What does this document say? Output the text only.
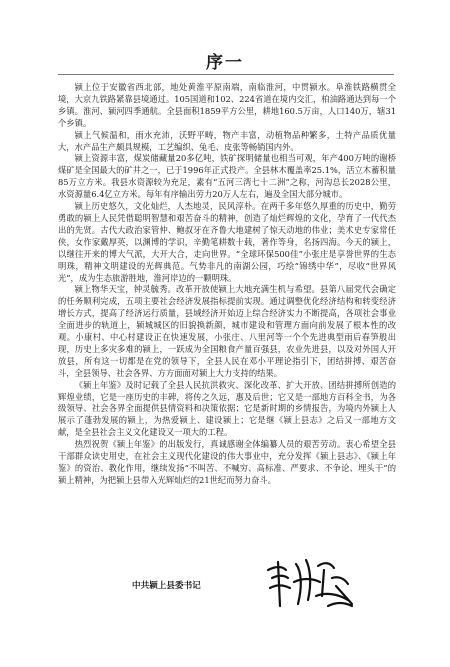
序一

颍上位于安徽省西北部，地处黄淮平原南端，南临淮河，中贯颍水。阜淮铁路横贯全境，大京九铁路紧靠县境通过。105国道和102、224省道在境内交汇，柏油路通达到每一个乡镇。淮河、颍河四季通航。全县面积1859平方公里，耕地160.5万亩，人口140万，辖31个乡镇。

颍上气候温和，雨水充沛，沃野平畴，物产丰富，动植物品种繁多，土特产品质优量大，水产品生产颇具规模，工艺编织、兔毛、皮张等畅销国内外。

颍上资源丰富，煤炭储藏量20多亿吨，铁矿探明储量也相当可观，年产400万吨的谢桥煤矿是全国最大的矿井之一，已于1996年正式投产。全县林木覆盖率25.1%，活立木蓄积量85万立方米。我县水资源较为充足，素有“五河三湾七十二洲”之称，河沟总长2028公里，水资源量6.4亿立方米。每年有序输出劳力20万人左右，遍及全国大部分城市。

颍上历史悠久，文化灿烂，人杰地灵，民风淳朴。在两千多年悠久厚重的历史中，勤劳勇敢的颍上人民凭借聪明智慧和艰苦奋斗的精神，创造了灿烂辉煌的文化，孕育了一代代杰出的先贤。古代大政治家管仲、鲍叔牙在齐鲁大地建树了惊天动地的伟业；美术史专家常任侠，女作家戴厚英，以渊博的学识，辛勤笔耕数十载，著作等身，名扬四海。今天的颍上，以继往开来的博大气派，大开大合，走向世界。“全球环保500佳”小张庄是享誉世界的生态明珠，精神文明建设的光辉典范。气势非凡的南湖公园，巧绘“锦绣中华”，尽收“世界风光”，成为生态旅游胜地，淮河岸边的一颗明珠。

颍上物华天宝，钟灵毓秀。改革开放使颍上大地充满生机与希望。县第八届党代会确定的任务顺利完成，五项主要社会经济发展指标提前实现。通过调整优化经济结构和转变经济增长方式，提高了经济运行质量，县域经济开始迈上综合经济实力不断提高，各项社会事业全面进步的轨道上，颍城城区的旧貌换新颜，城市建设和管理方面向前发展了根本性的改观。小康村、中心村建设正在快速发展，小张庄、八里河等一个个先进典型雨后春笋般出现，历史上多灾多难的颍上，一跃成为全国粮食产量百强县，农业先进县，以及对外国人开放县，所有这一切都是在党的领导下，全县人民在邓小平理论指引下，团结拼搏、艰苦奋斗，全县领导、社会各界、方方面面对颍上大力支持的结果。

《颍上年鉴》及时记载了全县人民抗洪救灾、深化改革、扩大开放、团结拼搏所创造的辉煌业绩，它是一座历史的丰碑，将传之久远，惠及后世；它又是一部地方百科全书，为各级领导、社会各界全面提供县情资料和决策依据；它是新时期的乡情报告，为境内外颍上人展示了蓬勃发展的颍上，为热爱颍上、建设颍上；它是继《颍上县志》之后又一部地方文献，是全县社会主义文化建设又一项大的工程。

热烈祝贺《颍上年鉴》的出版发行，真诚感谢全体编纂人员的艰苦劳动。衷心希望全县干部群众读史用史，在社会主义现代化建设的伟大事业中，充分发挥《颍上县志》、《颍上年鉴》的资治、教化作用，继续发扬“不叫苦、不喊穷、高标准、严要求、不争论、埋头干”的颍上精神，为把颍上县带入光辉灿烂的21世纪而努力奋斗。

中共颍上县委书记
